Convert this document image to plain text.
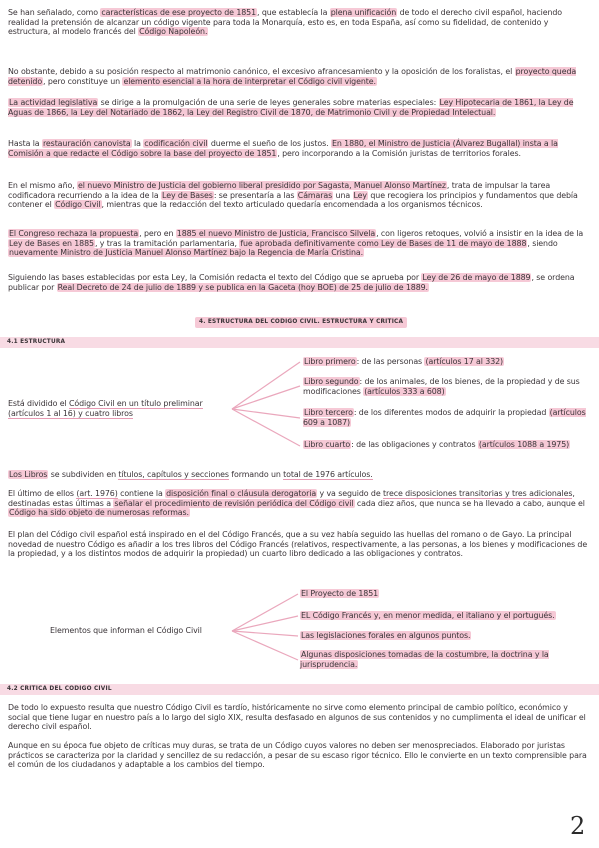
Se han señalado, como características de ese proyecto de 1851, que establecía la plena unificación de todo el derecho civil español, haciendo realidad la pretensión de alcanzar un código vigente para toda la Monarquía, esto es, en toda España, así como su fidelidad, de contenido y estructura, al modelo francés del Código Napoleón.

No obstante, debido a su posición respecto al matrimonio canónico, el excesivo afrancesamiento y la oposición de los foralistas, el proyecto queda detenido, pero constituye un elemento esencial a la hora de interpretar el Código civil vigente.

La actividad legislativa se dirige a la promulgación de una serie de leyes generales sobre materias especiales: Ley Hipotecaria de 1861, la Ley de Aguas de 1866, la Ley del Notariado de 1862, la Ley del Registro Civil de 1870, de Matrimonio Civil y de Propiedad Intelectual.

Hasta la restauración canovista la codificación civil duerme el sueño de los justos. En 1880, el Ministro de Justicia (Álvarez Bugallal) insta a la Comisión a que redacte el Código sobre la base del proyecto de 1851, pero incorporando a la Comisión juristas de territorios forales.

En el mismo año, el nuevo Ministro de Justicia del gobierno liberal presidido por Sagasta, Manuel Alonso Martínez, trata de impulsar la tarea codificadora recurriendo a la idea de la Ley de Bases: se presentaría a las Cámaras una Ley que recogiera los principios y fundamentos que debía contener el Código Civil, mientras que la redacción del texto articulado quedaría encomendada a los organismos técnicos.

El Congreso rechaza la propuesta, pero en 1885 el nuevo Ministro de Justicia, Francisco Silvela, con ligeros retoques, volvió a insistir en la idea de la Ley de Bases en 1885, y tras la tramitación parlamentaria, fue aprobada definitivamente como Ley de Bases de 11 de mayo de 1888, siendo nuevamente Ministro de Justicia Manuel Alonso Martínez bajo la Regencia de María Cristina.

Siguiendo las bases establecidas por esta Ley, la Comisión redacta el texto del Código que se aprueba por Ley de 26 de mayo de 1889, se ordena publicar por Real Decreto de 24 de julio de 1889 y se publica en la Gaceta (hoy BOE) de 25 de julio de 1889.

4. ESTRUCTURA DEL CODIGO CIVIL. ESTRUCTURA Y CRITICA
4.1 ESTRUCTURA
Está dividido el Código Civil en un título preliminar (artículos 1 al 16) y cuatro libros
Libro primero: de las personas (artículos 17 al 332)
Libro segundo: de los animales, de los bienes, de la propiedad y de sus modificaciones (artículos 333 a 608)
Libro tercero: de los diferentes modos de adquirir la propiedad (artículos 609 a 1087)
Libro cuarto: de las obligaciones y contratos (artículos 1088 a 1975)

Los Libros se subdividen en títulos, capítulos y secciones formando un total de 1976 artículos.

El último de ellos (art. 1976) contiene la disposición final o cláusula derogatoria y va seguido de trece disposiciones transitorias y tres adicionales, destinadas estas últimas a señalar el procedimiento de revisión periódica del Código civil cada diez años, que nunca se ha llevado a cabo, aunque el Código ha sido objeto de numerosas reformas.

El plan del Código civil español está inspirado en el del Código Francés, que a su vez había seguido las huellas del romano o de Gayo. La principal novedad de nuestro Código es añadir a los tres libros del Código Francés (relativos, respectivamente, a las personas, a los bienes y modificaciones de la propiedad, y a los distintos modos de adquirir la propiedad) un cuarto libro dedicado a las obligaciones y contratos.

Elementos que informan el Código Civil
El Proyecto de 1851
EL Código Francés y, en menor medida, el italiano y el portugués.
Las legislaciones forales en algunos puntos.
Algunas disposiciones tomadas de la costumbre, la doctrina y la jurisprudencia.
4.2 CRITICA DEL CODIGO CIVIL

De todo lo expuesto resulta que nuestro Código Civil es tardío, históricamente no sirve como elemento principal de cambio político, económico y social que tiene lugar en nuestro país a lo largo del siglo XIX, resulta desfasado en algunos de sus contenidos y no cumplimenta el ideal de unificar el derecho civil español.

Aunque en su época fue objeto de críticas muy duras, se trata de un Código cuyos valores no deben ser menospreciados. Elaborado por juristas prácticos se caracteriza por la claridad y sencillez de su redacción, a pesar de su escaso rigor técnico. Ello le convierte en un texto comprensible para el común de los ciudadanos y adaptable a los cambios del tiempo.

2
